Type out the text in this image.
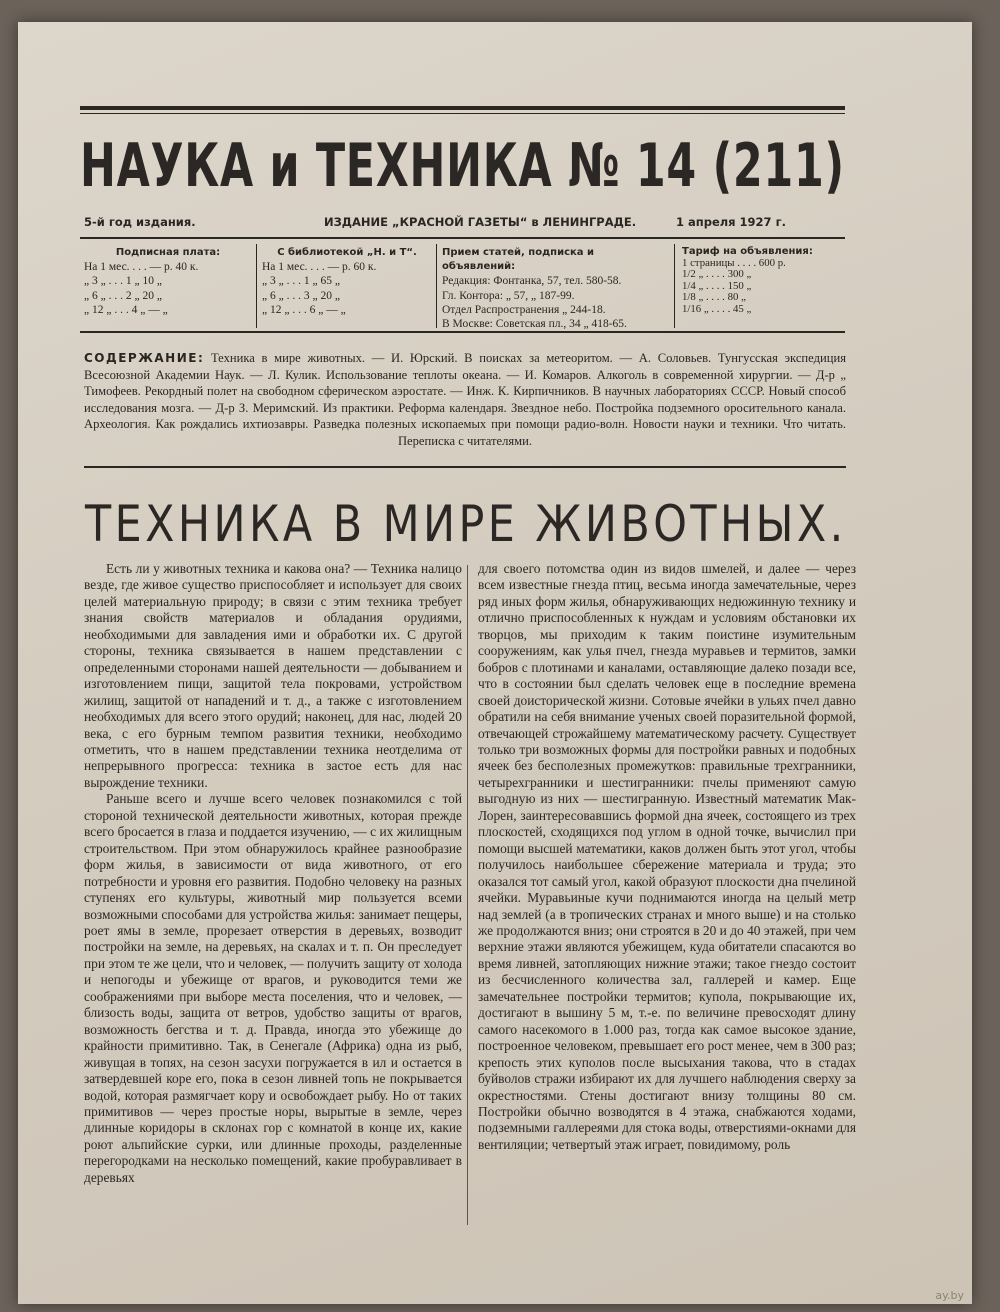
НАУКА и ТЕХНИКА № 14 (211)
5-й год издания.	ИЗДАНИЕ „КРАСНОЙ ГАЗЕТЫ“ в ЛЕНИНГРАДЕ.	1 апреля 1927 г.
Подписная плата:
На 1 мес. . . . — р. 40 к.
„ 3 „ . . . 1 „ 10 „
„ 6 „ . . . 2 „ 20 „
„ 12 „ . . . 4 „ — „
С библиотекой „Н. и Т“.
На 1 мес. . . . — р. 60 к.
„ 3 „ . . . 1 „ 65 „
„ 6 „ . . . 3 „ 20 „
„ 12 „ . . . 6 „ — „
Прием статей, подписка и объявлений:
Редакция: Фонтанка, 57, тел. 580-58.
Гл. Контора: „ 57, „ 187-99.
Отдел Распространения „ 244-18.
В Москве: Советская пл., 34 „ 418-65.
Тариф на объявления:
1 страницы . . . . 600 р.
1/2 „ . . . . 300 „
1/4 „ . . . . 150 „
1/8 „ . . . . 80 „
1/16 „ . . . . 45 „
СОДЕРЖАНИЕ: Техника в мире животных. — И. Юрский. В поисках за метеоритом. — А. Соловьев. Тунгусская экспедиция Всесоюзной Академии Наук. — Л. Кулик. Использование теплоты океана. — И. Комаров. Алкоголь в современной хирургии. — Д-р „ Тимофеев. Рекордный полет на свободном сферическом аэростате. — Инж. К. Кирпичников. В научных лабораториях СССР. Новый способ исследования мозга. — Д-р З. Меримский. Из практики. Реформа календаря. Звездное небо. Постройка подземного оросительного канала. Археология. Как рождались ихтиозавры. Разведка полезных ископаемых при помощи радио-волн. Новости науки и техники. Что читать. Переписка с читателями.
ТЕХНИКА В МИРЕ ЖИВОТНЫХ.

Есть ли у животных техника и какова она? — Техника налицо везде, где живое существо приспособляет и использует для своих целей материальную природу; в связи с этим техника требует знания свойств материалов и обладания орудиями, необходимыми для завладения ими и обработки их. С другой стороны, техника связывается в нашем представлении с определенными сторонами нашей деятельности — добыванием и изготовлением пищи, защитой тела покровами, устройством жилищ, защитой от нападений и т. д., а также с изготовлением необходимых для всего этого орудий; наконец, для нас, людей 20 века, с его бурным темпом развития техники, необходимо отметить, что в нашем представлении техника неотделима от непрерывного прогресса: техника в застое есть для нас вырождение техники.

Раньше всего и лучше всего человек познакомился с той стороной технической деятельности животных, которая прежде всего бросается в глаза и поддается изучению, — с их жилищным строительством. При этом обнаружилось крайнее разнообразие форм жилья, в зависимости от вида животного, от его потребности и уровня его развития. Подобно человеку на разных ступенях его культуры, животный мир пользуется всеми возможными способами для устройства жилья: занимает пещеры, роет ямы в земле, прорезает отверстия в деревьях, возводит постройки на земле, на деревьях, на скалах и т. п. Он преследует при этом те же цели, что и человек, — получить защиту от холода и непогоды и убежище от врагов, и руководится теми же соображениями при выборе места поселения, что и человек, — близость воды, защита от ветров, удобство защиты от врагов, возможность бегства и т. д. Правда, иногда это убежище до крайности примитивно. Так, в Сенегале (Африка) одна из рыб, живущая в топях, на сезон засухи погружается в ил и остается в затвердевшей коре его, пока в сезон ливней топь не покрывается водой, которая размягчает кору и освобождает рыбу. Но от таких примитивов — через простые норы, вырытые в земле, через длинные коридоры в склонах гор с комнатой в конце их, какие роют альпийские сурки, или длинные проходы, разделенные перегородками на несколько помещений, какие пробуравливает в деревьях

для своего потомства один из видов шмелей, и далее — через всем известные гнезда птиц, весьма иногда замечательные, через ряд иных форм жилья, обнаруживающих недюжинную технику и отлично приспособленных к нуждам и условиям обстановки их творцов, мы приходим к таким поистине изумительным сооружениям, как улья пчел, гнезда муравьев и термитов, замки бобров с плотинами и каналами, оставляющие далеко позади все, что в состоянии был сделать человек еще в последние времена своей доисторической жизни. Сотовые ячейки в ульях пчел давно обратили на себя внимание ученых своей поразительной формой, отвечающей строжайшему математическому расчету. Существует только три возможных формы для постройки равных и подобных ячеек без бесполезных промежутков: правильные трехгранники, четырехгранники и шестигранники: пчелы применяют самую выгодную из них — шестигранную. Известный математик Мак-Лорен, заинтересовавшись формой дна ячеек, состоящего из трех плоскостей, сходящихся под углом в одной точке, вычислил при помощи высшей математики, каков должен быть этот угол, чтобы получилось наибольшее сбережение материала и труда; это оказался тот самый угол, какой образуют плоскости дна пчелиной ячейки. Муравьиные кучи поднимаются иногда на целый метр над землей (а в тропических странах и много выше) и на столько же продолжаются вниз; они строятся в 20 и до 40 этажей, при чем верхние этажи являются убежищем, куда обитатели спасаются во время ливней, затопляющих нижние этажи; такое гнездо состоит из бесчисленного количества зал, галлерей и камер. Еще замечательнее постройки термитов; купола, покрывающие их, достигают в вышину 5 м, т.-е. по величине превосходят длину самого насекомого в 1.000 раз, тогда как самое высокое здание, построенное человеком, превышает его рост менее, чем в 300 раз; крепость этих куполов после высыхания такова, что в стадах буйволов стражи избирают их для лучшего наблюдения сверху за окрестностями. Стены достигают внизу толщины 80 см. Постройки обычно возводятся в 4 этажа, снабжаются ходами, подземными галлереями для стока воды, отверстиями-окнами для вентиляции; четвертый этаж играет, повидимому, роль

ay.by
